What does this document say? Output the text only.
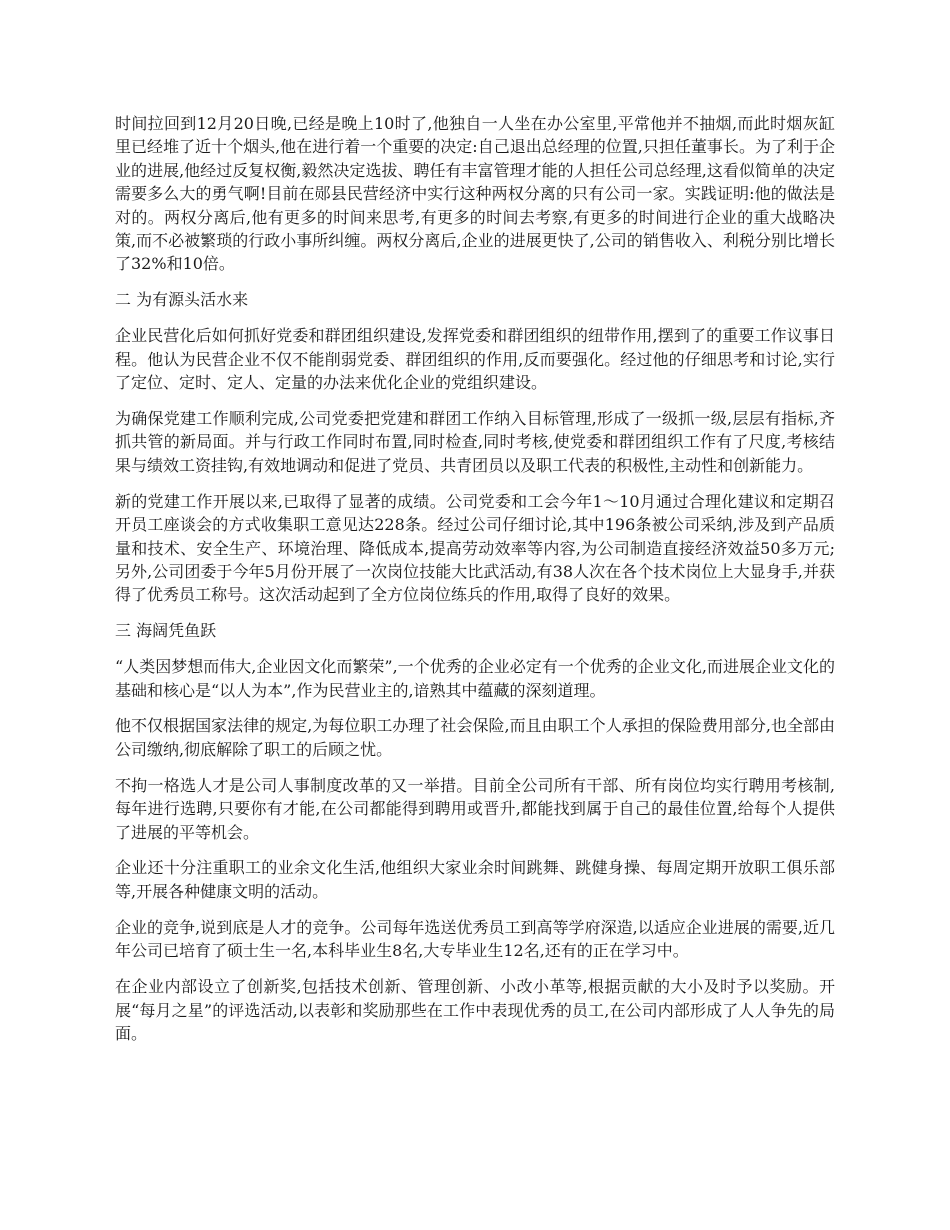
时间拉回到12月20日晚,已经是晚上10时了,他独自一人坐在办公室里,平常他并不抽烟,而此时烟灰缸里已经堆了近十个烟头,他在进行着一个重要的决定:自己退出总经理的位置,只担任董事长。为了利于企业的进展,他经过反复权衡,毅然决定选拔、聘任有丰富管理才能的人担任公司总经理,这看似简单的决定需要多么大的勇气啊!目前在郧县民营经济中实行这种两权分离的只有公司一家。实践证明:他的做法是对的。两权分离后,他有更多的时间来思考,有更多的时间去考察,有更多的时间进行企业的重大战略决策,而不必被繁琐的行政小事所纠缠。两权分离后,企业的进展更快了,公司的销售收入、利税分别比增长了32%和10倍。

二 为有源头活水来

企业民营化后如何抓好党委和群团组织建设,发挥党委和群团组织的纽带作用,摆到了的重要工作议事日程。他认为民营企业不仅不能削弱党委、群团组织的作用,反而要强化。经过他的仔细思考和讨论,实行了定位、定时、定人、定量的办法来优化企业的党组织建设。

为确保党建工作顺利完成,公司党委把党建和群团工作纳入目标管理,形成了一级抓一级,层层有指标,齐抓共管的新局面。并与行政工作同时布置,同时检查,同时考核,使党委和群团组织工作有了尺度,考核结果与绩效工资挂钩,有效地调动和促进了党员、共青团员以及职工代表的积极性,主动性和创新能力。

新的党建工作开展以来,已取得了显著的成绩。公司党委和工会今年1～10月通过合理化建议和定期召开员工座谈会的方式收集职工意见达228条。经过公司仔细讨论,其中196条被公司采纳,涉及到产品质量和技术、安全生产、环境治理、降低成本,提高劳动效率等内容,为公司制造直接经济效益50多万元;另外,公司团委于今年5月份开展了一次岗位技能大比武活动,有38人次在各个技术岗位上大显身手,并获得了优秀员工称号。这次活动起到了全方位岗位练兵的作用,取得了良好的效果。

三 海阔凭鱼跃

“人类因梦想而伟大,企业因文化而繁荣”,一个优秀的企业必定有一个优秀的企业文化,而进展企业文化的基础和核心是“以人为本”,作为民营业主的,谙熟其中蕴藏的深刻道理。

他不仅根据国家法律的规定,为每位职工办理了社会保险,而且由职工个人承担的保险费用部分,也全部由公司缴纳,彻底解除了职工的后顾之忧。

不拘一格选人才是公司人事制度改革的又一举措。目前全公司所有干部、所有岗位均实行聘用考核制,每年进行选聘,只要你有才能,在公司都能得到聘用或晋升,都能找到属于自己的最佳位置,给每个人提供了进展的平等机会。

企业还十分注重职工的业余文化生活,他组织大家业余时间跳舞、跳健身操、每周定期开放职工俱乐部等,开展各种健康文明的活动。

企业的竞争,说到底是人才的竞争。公司每年选送优秀员工到高等学府深造,以适应企业进展的需要,近几年公司已培育了硕士生一名,本科毕业生8名,大专毕业生12名,还有的正在学习中。

在企业内部设立了创新奖,包括技术创新、管理创新、小改小革等,根据贡献的大小及时予以奖励。开展“每月之星”的评选活动,以表彰和奖励那些在工作中表现优秀的员工,在公司内部形成了人人争先的局面。
